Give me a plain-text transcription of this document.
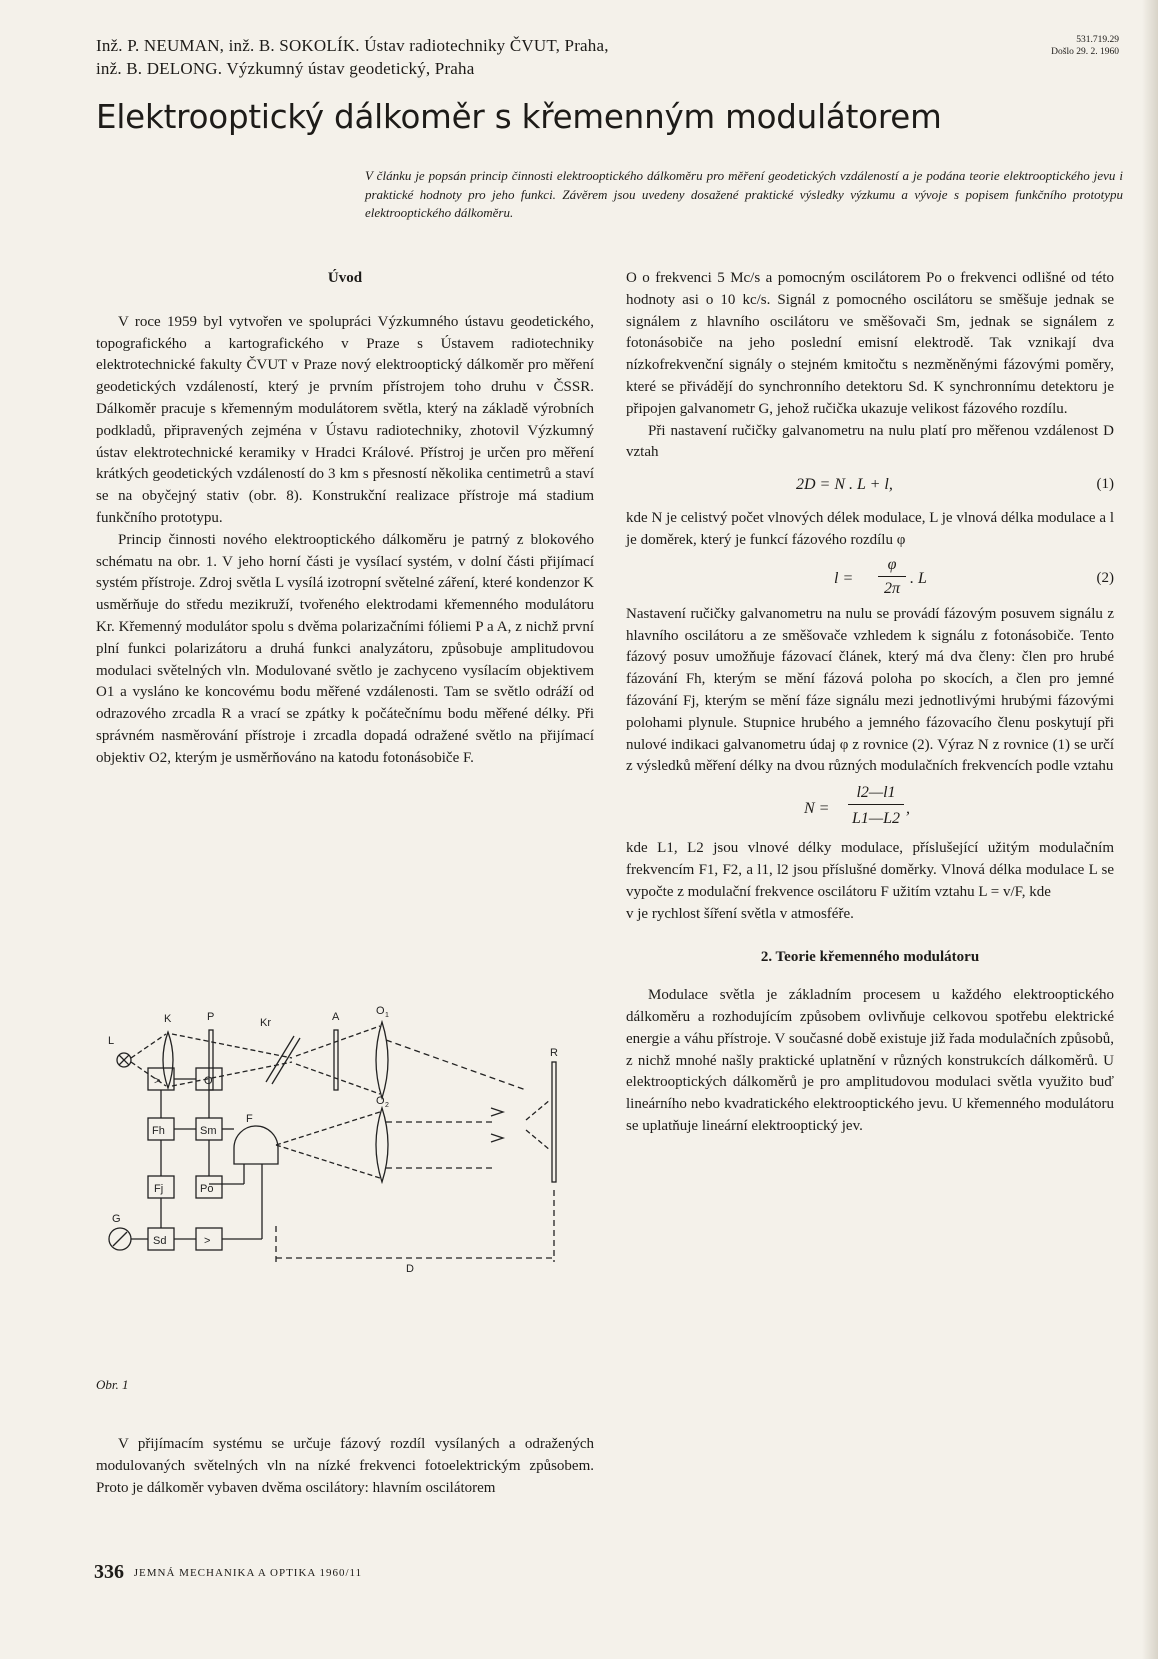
Inž. P. NEUMAN, inž. B. SOKOLÍK. Ústav radiotechniky ČVUT, Praha,
inž. B. DELONG. Výzkumný ústav geodetický, Praha
531.719.29
Došlo 29. 2. 1960
Elektrooptický dálkoměr s křemenným modulátorem
V článku je popsán princip činnosti elektrooptického dálkoměru pro měření geodetických vzdáleností a je podána teorie elektrooptického jevu i praktické hodnoty pro jeho funkci. Závěrem jsou uvedeny dosažené praktické výsledky výzkumu a vývoje s popisem funkčního prototypu elektrooptického dálkoměru.

Úvod

V roce 1959 byl vytvořen ve spolupráci Výzkumného ústavu geodetického, topografického a kartografického v Praze s Ústavem radiotechniky elektrotechnické fakulty ČVUT v Praze nový elektrooptický dálkoměr pro měření geodetických vzdáleností, který je prvním přístrojem toho druhu v ČSSR. Dálkoměr pracuje s křemenným modulátorem světla, který na základě výrobních podkladů, připravených zejména v Ústavu radiotechniky, zhotovil Výzkumný ústav elektrotechnické keramiky v Hradci Králové. Přístroj je určen pro měření krátkých geodetických vzdáleností do 3 km s přesností několika centimetrů a staví se na obyčejný stativ (obr. 8). Konstrukční realizace přístroje má stadium funkčního prototypu.

Princip činnosti nového elektrooptického dálkoměru je patrný z blokového schématu na obr. 1. V jeho horní části je vysílací systém, v dolní části přijímací systém přístroje. Zdroj světla L vysílá izotropní světelné záření, které kondenzor K usměrňuje do středu mezikruží, tvořeného elektrodami křemenného modulátoru Kr. Křemenný modulátor spolu s dvěma polarizačními fóliemi P a A, z nichž první plní funkci polarizátoru a druhá funkci analyzátoru, způsobuje amplitudovou modulaci světelných vln. Modulované světlo je zachyceno vysílacím objektivem O1 a vysláno ke koncovému bodu měřené vzdálenosti. Tam se světlo odráží od odrazového zrcadla R a vrací se zpátky k počátečnímu bodu měřené délky. Při správném nasměrování přístroje i zrcadla dopadá odražené světlo na přijímací objektiv O2, kterým je usměrňováno na katodu fotonásobiče F.

L
K	P	Kr	A	O 1
R
O 2
F
>	O
Fh	Sm
Fj	Po
G
Sd	>
D
Obr. 1

V přijímacím systému se určuje fázový rozdíl vysílaných a odražených modulovaných světelných vln na nízké frekvenci fotoelektrickým způsobem. Proto je dálkoměr vybaven dvěma oscilátory: hlavním oscilátorem

O o frekvenci 5 Mc/s a pomocným oscilátorem Po o frekvenci odlišné od této hodnoty asi o 10 kc/s. Signál z pomocného oscilátoru se směšuje jednak se signálem z hlavního oscilátoru ve směšovači Sm, jednak se signálem z fotonásobiče na jeho poslední emisní elektrodě. Tak vznikají dva nízkofrekvenční signály o stejném kmitočtu s nezměněnými fázovými poměry, které se přivádějí do synchronního detektoru Sd. K synchronnímu detektoru je připojen galvanometr G, jehož ručička ukazuje velikost fázového rozdílu.

Při nastavení ručičky galvanometru na nulu platí pro měřenou vzdálenost D vztah

2D = N . L + l,	(1)

kde N je celistvý počet vlnových délek modulace, L je vlnová délka modulace a l je doměrek, který je funkcí fázového rozdílu φ

l =
φ
2π
. L	(2)

Nastavení ručičky galvanometru na nulu se provádí fázovým posuvem signálu z hlavního oscilátoru a ze směšovače vzhledem k signálu z fotonásobiče. Tento fázový posuv umožňuje fázovací článek, který má dva členy: člen pro hrubé fázování Fh, kterým se mění fázová poloha po skocích, a člen pro jemné fázování Fj, kterým se mění fáze signálu mezi jednotlivými hrubými fázovými polohami plynule. Stupnice hrubého a jemného fázovacího členu poskytují při nulové indikaci galvanometru údaj φ z rovnice (2). Výraz N z rovnice (1) se určí z výsledků měření délky na dvou různých modulačních frekvencích podle vztahu

N =
l2—l1
L1—L2
,

kde L1, L2 jsou vlnové délky modulace, příslušející užitým modulačním frekvencím F1, F2, a l1, l2 jsou příslušné doměrky. Vlnová délka modulace L se vypočte z modulační frekvence oscilátoru F užitím vztahu L = v/F, kde

v je rychlost šíření světla v atmosféře.

2. Teorie křemenného modulátoru

Modulace světla je základním procesem u každého elektrooptického dálkoměru a rozhodujícím způsobem ovlivňuje celkovou spotřebu elektrické energie a váhu přístroje. V současné době existuje již řada modulačních způsobů, z nichž mnohé našly praktické uplatnění v různých konstrukcích dálkoměrů. U elektrooptických dálkoměrů je pro amplitudovou modulaci světla využito buď lineárního nebo kvadratického elektrooptického jevu. U křemenného modulátoru se uplatňuje lineární elektrooptický jev.

336 JEMNÁ MECHANIKA A OPTIKA 1960/11
